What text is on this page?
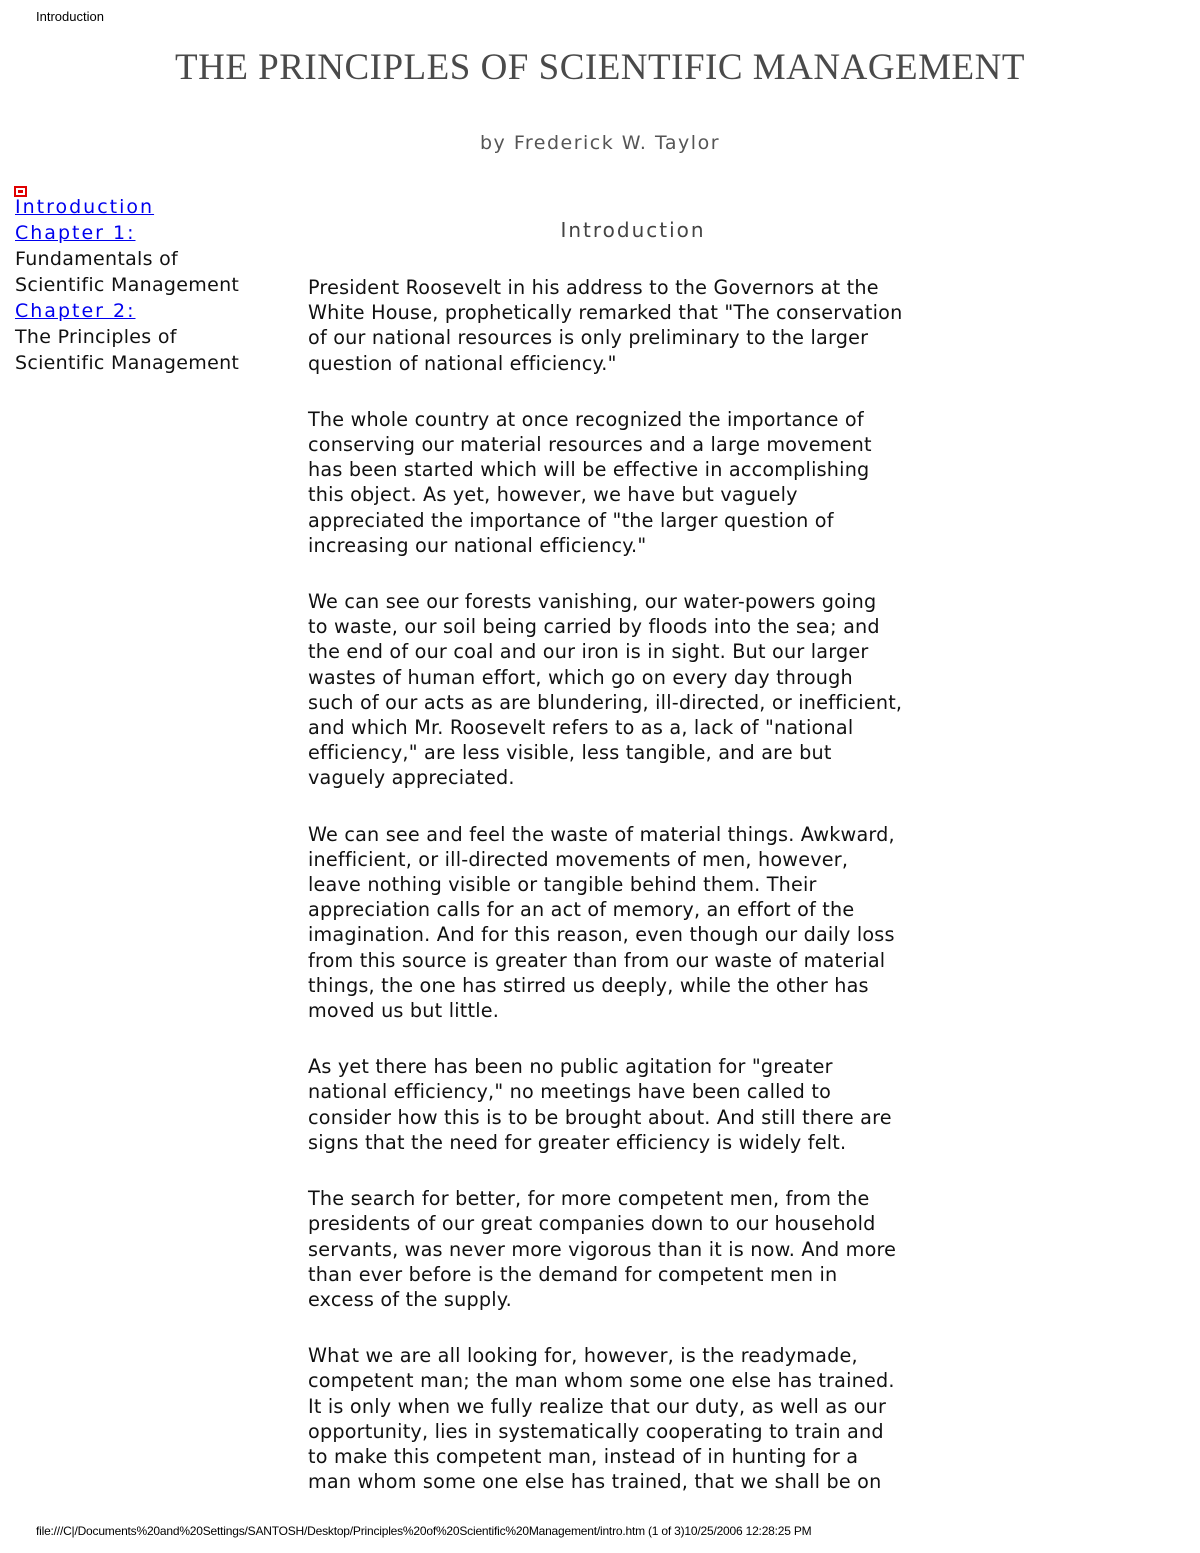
Introduction
THE PRINCIPLES OF SCIENTIFIC MANAGEMENT
by Frederick W. Taylor
Introduction
Chapter 1:
Fundamentals of
Scientific Management
Chapter 2:
The Principles of
Scientific Management
Introduction

President Roosevelt in his address to the Governors at the
White House, prophetically remarked that "The conservation
of our national resources is only preliminary to the larger
question of national efficiency."

The whole country at once recognized the importance of
conserving our material resources and a large movement
has been started which will be effective in accomplishing
this object. As yet, however, we have but vaguely
appreciated the importance of "the larger question of
increasing our national efficiency."

We can see our forests vanishing, our water-powers going
to waste, our soil being carried by floods into the sea; and
the end of our coal and our iron is in sight. But our larger
wastes of human effort, which go on every day through
such of our acts as are blundering, ill-directed, or inefficient,
and which Mr. Roosevelt refers to as a, lack of "national
efficiency," are less visible, less tangible, and are but
vaguely appreciated.

We can see and feel the waste of material things. Awkward,
inefficient, or ill-directed movements of men, however,
leave nothing visible or tangible behind them. Their
appreciation calls for an act of memory, an effort of the
imagination. And for this reason, even though our daily loss
from this source is greater than from our waste of material
things, the one has stirred us deeply, while the other has
moved us but little.

As yet there has been no public agitation for "greater
national efficiency," no meetings have been called to
consider how this is to be brought about. And still there are
signs that the need for greater efficiency is widely felt.

The search for better, for more competent men, from the
presidents of our great companies down to our household
servants, was never more vigorous than it is now. And more
than ever before is the demand for competent men in
excess of the supply.

What we are all looking for, however, is the readymade,
competent man; the man whom some one else has trained.
It is only when we fully realize that our duty, as well as our
opportunity, lies in systematically cooperating to train and
to make this competent man, instead of in hunting for a
man whom some one else has trained, that we shall be on

file:///C|/Documents%20and%20Settings/SANTOSH/Desktop/Principles%20of%20Scientific%20Management/intro.htm (1 of 3)10/25/2006 12:28:25 PM
